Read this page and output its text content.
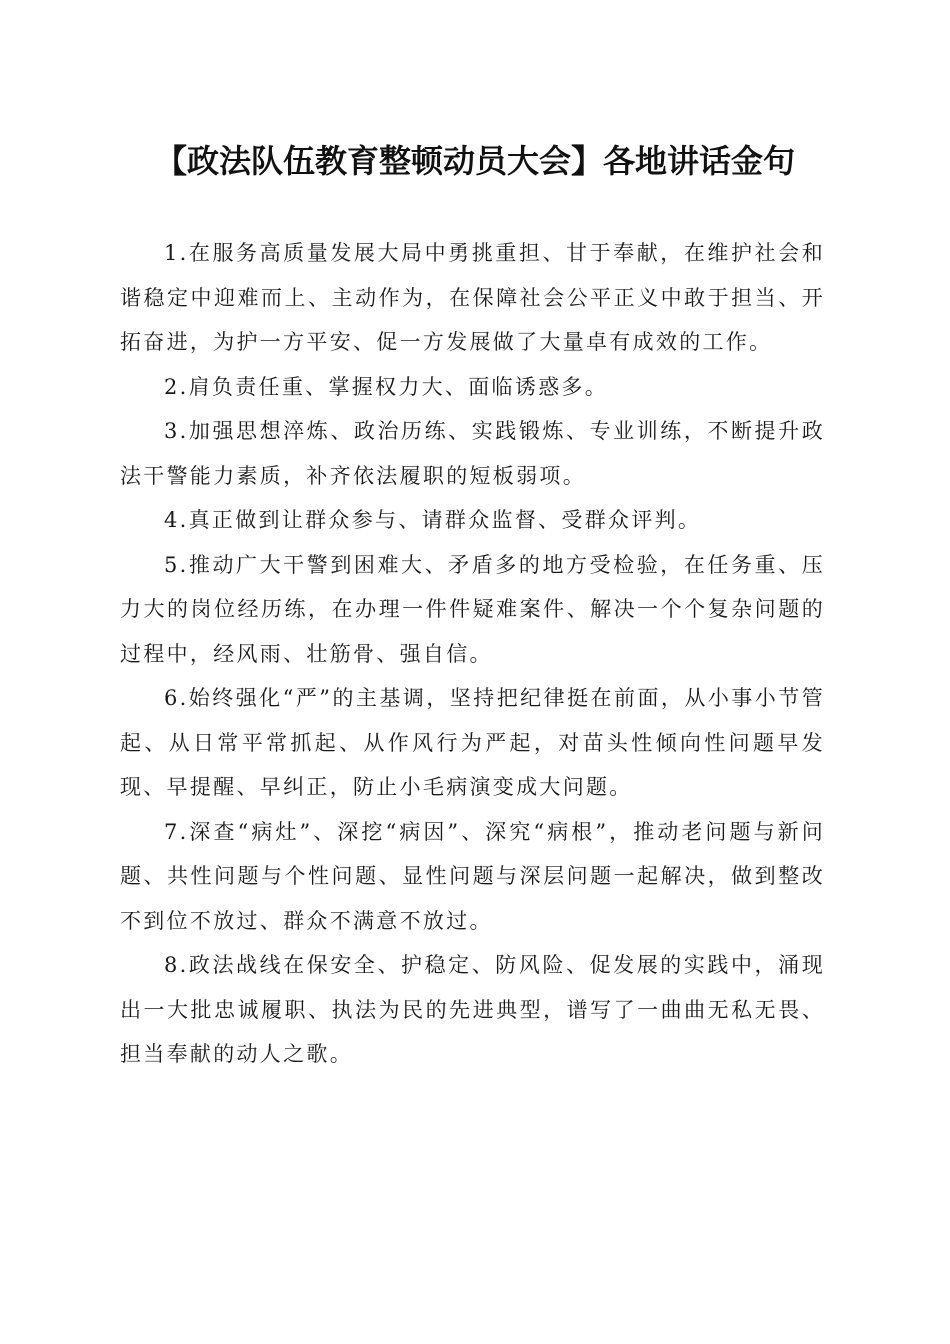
【政法队伍教育整顿动员大会】各地讲话金句

1.在服务高质量发展大局中勇挑重担、甘于奉献，在维护社会和谐稳定中迎难而上、主动作为，在保障社会公平正义中敢于担当、开拓奋进，为护一方平安、促一方发展做了大量卓有成效的工作。

2.肩负责任重、掌握权力大、面临诱惑多。

3.加强思想淬炼、政治历练、实践锻炼、专业训练，不断提升政法干警能力素质，补齐依法履职的短板弱项。

4.真正做到让群众参与、请群众监督、受群众评判。

5.推动广大干警到困难大、矛盾多的地方受检验，在任务重、压力大的岗位经历练，在办理一件件疑难案件、解决一个个复杂问题的过程中，经风雨、壮筋骨、强自信。

6.始终强化“严”的主基调，坚持把纪律挺在前面，从小事小节管起、从日常平常抓起、从作风行为严起，对苗头性倾向性问题早发现、早提醒、早纠正，防止小毛病演变成大问题。

7.深查“病灶”、深挖“病因”、深究“病根”，推动老问题与新问题、共性问题与个性问题、显性问题与深层问题一起解决，做到整改不到位不放过、群众不满意不放过。

8.政法战线在保安全、护稳定、防风险、促发展的实践中，涌现出一大批忠诚履职、执法为民的先进典型，谱写了一曲曲无私无畏、担当奉献的动人之歌。
